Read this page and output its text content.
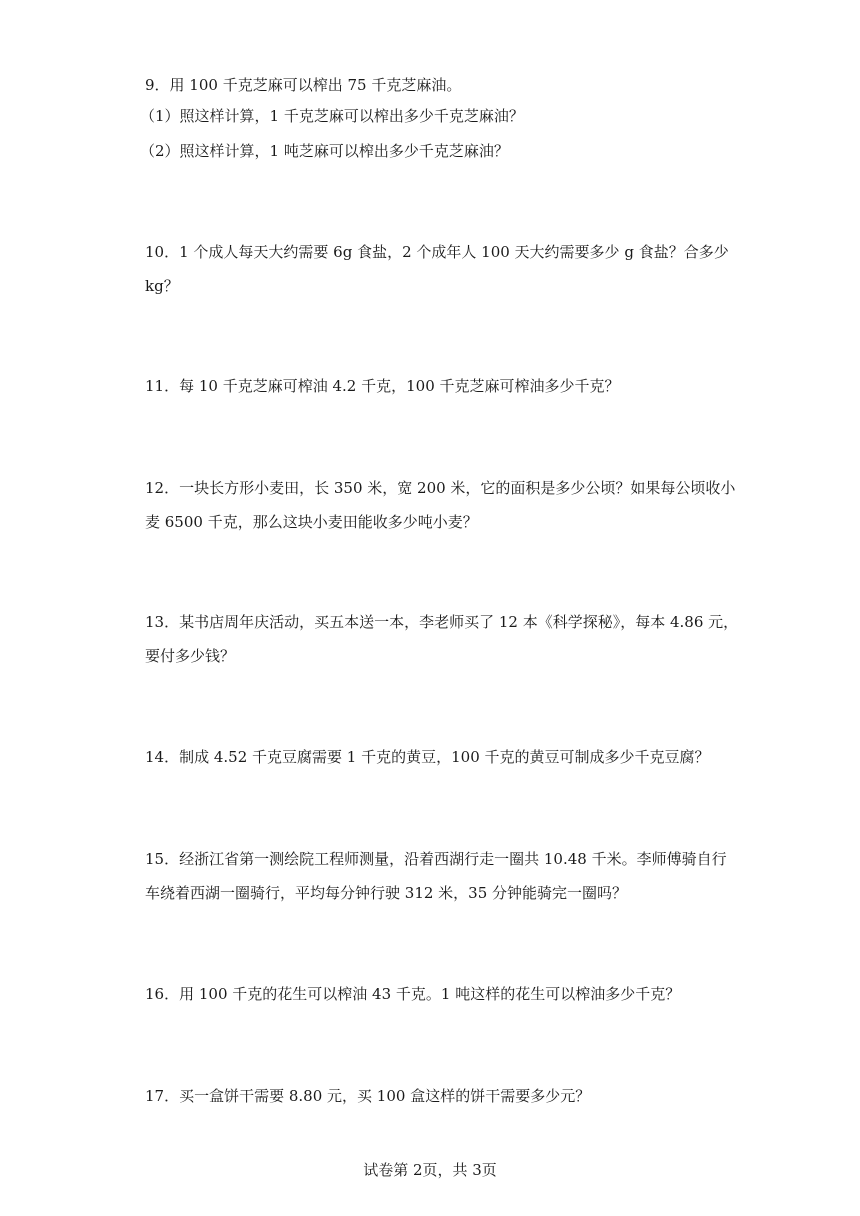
9．用 100 千克芝麻可以榨出 75 千克芝麻油。
（1）照这样计算，1 千克芝麻可以榨出多少千克芝麻油？
（2）照这样计算，1 吨芝麻可以榨出多少千克芝麻油？
10．1 个成人每天大约需要 6g 食盐，2 个成年人 100 天大约需要多少 g 食盐？合多少
kg？
11．每 10 千克芝麻可榨油 4.2 千克，100 千克芝麻可榨油多少千克？
12．一块长方形小麦田，长 350 米，宽 200 米，它的面积是多少公顷？如果每公顷收小
麦 6500 千克，那么这块小麦田能收多少吨小麦？
13．某书店周年庆活动，买五本送一本，李老师买了 12 本《科学探秘》，每本 4.86 元，
要付多少钱？
14．制成 4.52 千克豆腐需要 1 千克的黄豆，100 千克的黄豆可制成多少千克豆腐？
15．经浙江省第一测绘院工程师测量，沿着西湖行走一圈共 10.48 千米。李师傅骑自行
车绕着西湖一圈骑行，平均每分钟行驶 312 米，35 分钟能骑完一圈吗？
16．用 100 千克的花生可以榨油 43 千克。1 吨这样的花生可以榨油多少千克？
17．买一盒饼干需要 8.80 元，买 100 盒这样的饼干需要多少元？
试卷第 2页，共 3页
